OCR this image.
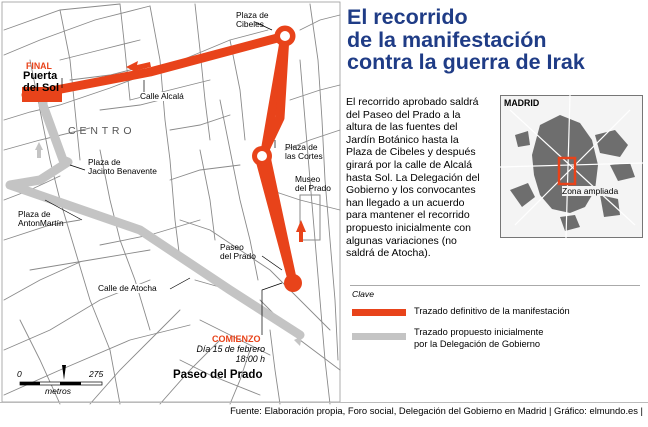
FINAL
Puerta
del Sol
C E N T R O
Calle Alcalá
Plaza de
Cibeles
Plaza de
las Cortes
Museo
del Prado
Plaza de
Jacinto Benavente
Plaza de
AntonMartín
Paseo
del Prado
Calle de Atocha
COMIENZO
Día 15 de febrero
18:00 h
Paseo del Prado
0	275
metros
El recorrido
de la manifestación
contra la guerra de Irak
El recorrido aprobado saldrá
del Paseo del Prado a la
altura de las fuentes del
Jardín Botánico hasta la
Plaza de Cibeles y después
girará por la calle de Alcalá
hasta Sol. La Delegación del
Gobierno y los convocantes
han llegado a un acuerdo
para mantener el recorrido
propuesto inicialmente con
algunas variaciones (no
saldrá de Atocha).
MADRID
Zona ampliada
Clave
Trazado definitivo de la manifestación
Trazado propuesto inicialmente
por la Delegación de Gobierno
Fuente: Elaboración propia, Foro social, Delegación del Gobierno en Madrid | Gráfico: elmundo.es |
